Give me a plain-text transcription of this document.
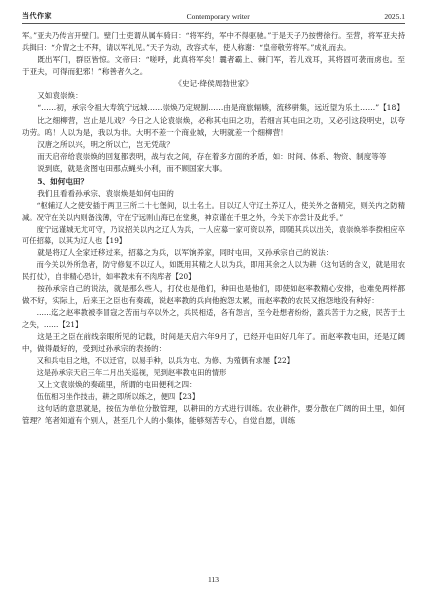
当代作家	Contemporary writer	2025.1

军。”亚夫乃传言开壁门。壁门士吏谓从属车骑曰：“将军约，军中不得驱驰。”于是天子乃按辔徐行。至营，将军亚夫持兵揖曰：“介胄之士不拜，请以军礼见。”天子为动，改容式车，使人称谢：“皇帝敬劳将军。”成礼而去。

既出军门，群臣皆惊。文帝曰：“嗟呼，此真将军矣！曩者霸上、棘门军，若儿戏耳，其将固可袭而虏也。至于亚夫，可得而犯邪！”称善者久之。

《史记·绛侯周勃世家》

又如袁崇焕：

“……初，承宗令祖大寿筑宁远城……崇焕乃定规制……由是商旅辐辏，流移骈集，远近望为乐土……”【18】

比之细柳营，岂止是儿戏？今日之人论袁崇焕，必称其屯田之功，若细言其屯田之功，又必引这段明史，以夸功劳。呜！人以为是，我以为非。大明不差一个商业城，大明就差一个细柳营！

汉唐之所以兴，明之所以亡，岂无凭哉？

而天启帝给袁崇焕的回复都表明，战与农之间，存在着多方面的矛盾，如：时间、体系、物资、制度等等

说到底，就是贪图屯田那点蝇头小利，而不顾国家大事。

5、如何屯田？

我们且看看孙承宗、袁崇焕是如何屯田的

“枢辅辽人之使安插于两卫三所二十七堡间，以土名土。目以辽人守辽土养辽人，使关外之备精完，则关内之防精减。况守在关以内则备浅薄，守在宁远则山海已在堂奥，神京谨在千里之外，今关下亦尝计及此乎。”

度宁远谨城无尤可守，乃议招关以内之辽人为兵，一人应募一家可资以养，即随其兵以出关，袁崇焕举李揆相应卒可任招募，以其为辽人也【19】

就是将辽人全家迁移过来，招募之为兵，以军饷养家，同时屯田，又孙承宗自己的说法：

而今关以外所急者，防守修复不以辽人，如既用其精之人以为兵，即用其余之人以为耕（这句话的含义，就是用农民打仗），自非精心恐计，如率教未有不肉库者【20】

按孙承宗自己的说法，就是那么些人，打仗也是他们，种田也是他们，即使如赵率教精心安排，也难免两样都做不好，实际上，后来王之臣也有奏疏，说赵率教的兵向他抱怨太累，而赵率教的农民又抱怨地没有种好：

……迄之赵率教被李冒寇之苦而与卒以外之，兵民相适，各有怨言，至今赴想者纷纷，蓋兵苦于力之疲，民苦于土之失，……【21】

这是王之臣在前线亲眼所见的记载，时间是天启六年9月了，已经开屯田好几年了。而赵率教屯田，还是辽阔中，做得最好的，受到过孙承宗的表扬的：

又和兵屯目之地，不以迁官，以易手种，以兵为屯、为修、为殖偶有求屡【22】

这是孙承宗天启三年二月出关巡视，见到赵率教屯田的情形

又上文袁崇焕的奏疏里，所谓的屯田便利之四：

伍伍相习坐作技击，耕之即所以练之，便四【23】

这句话的意思就是，按伍为单位分散管理，以耕田的方式进行训练。农业耕作，要分散在广阔的田土里，如何管理？笔者知道有个别人，甚至几个人的小集体，能够刻苦专心，自觉自愿，训练

113
